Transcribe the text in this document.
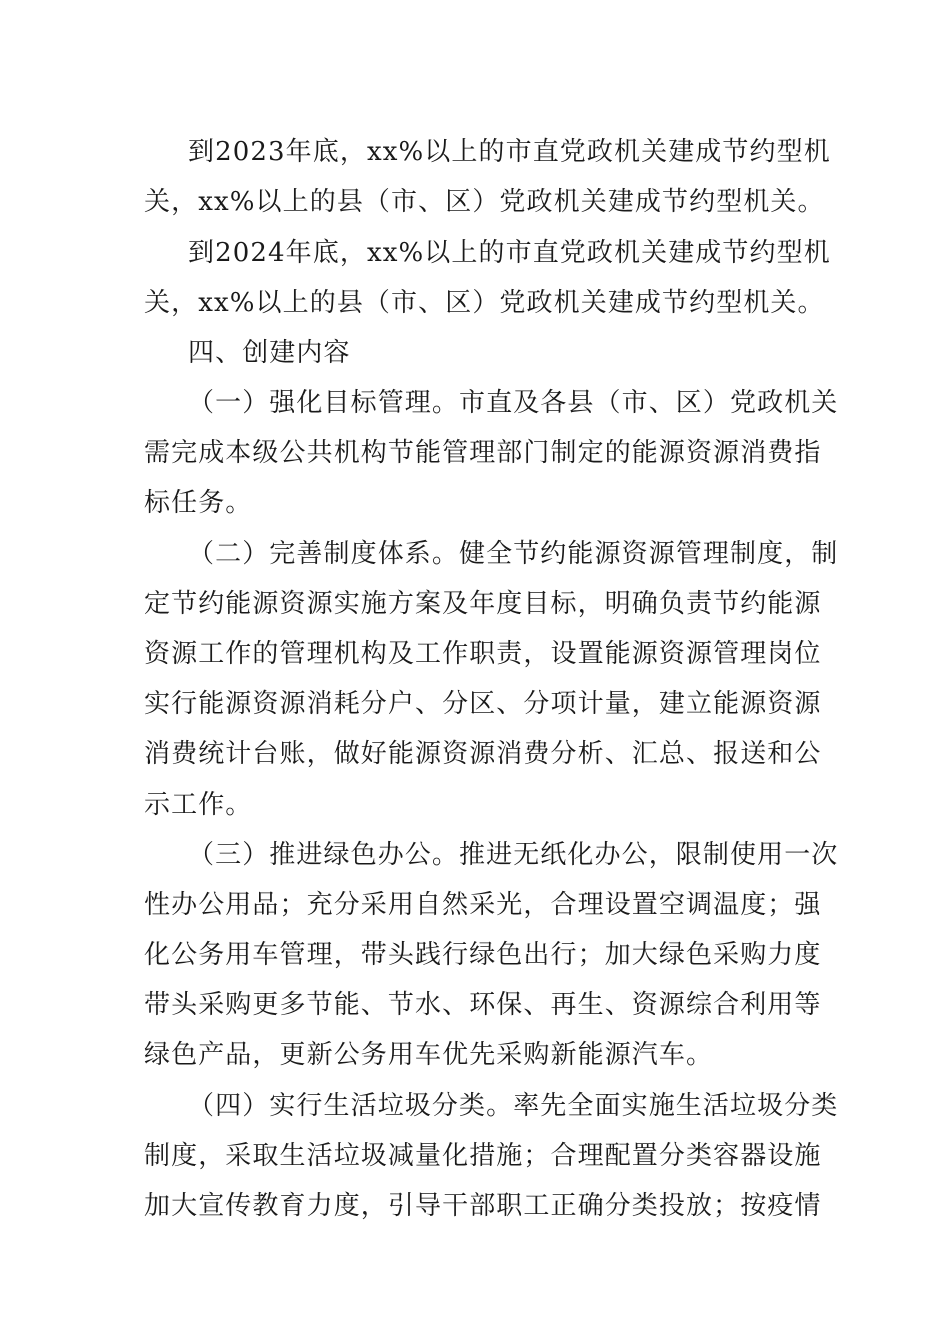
到2023年底，xx%以上的市直党政机关建成节约型机
关，xx%以上的县（市、区）党政机关建成节约型机关。
到2024年底，xx%以上的市直党政机关建成节约型机
关，xx%以上的县（市、区）党政机关建成节约型机关。
四、创建内容
（一）强化目标管理。市直及各县（市、区）党政机关
需完成本级公共机构节能管理部门制定的能源资源消费指
标任务。
（二）完善制度体系。健全节约能源资源管理制度，制
定节约能源资源实施方案及年度目标，明确负责节约能源
资源工作的管理机构及工作职责，设置能源资源管理岗位
实行能源资源消耗分户、分区、分项计量，建立能源资源
消费统计台账，做好能源资源消费分析、汇总、报送和公
示工作。
（三）推进绿色办公。推进无纸化办公，限制使用一次
性办公用品；充分采用自然采光，合理设置空调温度；强
化公务用车管理，带头践行绿色出行；加大绿色采购力度
带头采购更多节能、节水、环保、再生、资源综合利用等
绿色产品，更新公务用车优先采购新能源汽车。
（四）实行生活垃圾分类。率先全面实施生活垃圾分类
制度，采取生活垃圾减量化措施；合理配置分类容器设施
加大宣传教育力度，引导干部职工正确分类投放；按疫情
